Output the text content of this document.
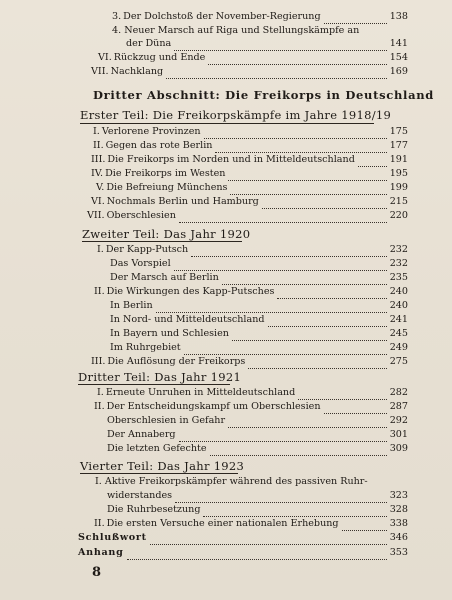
3. Der Dolchstoß der November-Regierung	138
4. Neuer Marsch auf Riga und Stellungskämpfe an
der Düna	141
VI. Rückzug und Ende	154
VII. Nachklang	169
Dritter Abschnitt: Die Freikorps in Deutschland
Erster Teil: Die Freikorpskämpfe im Jahre 1918/19
I. Verlorene Provinzen	175
II. Gegen das rote Berlin	177
III. Die Freikorps im Norden und in Mitteldeutschland	191
IV. Die Freikorps im Westen	195
V. Die Befreiung Münchens	199
VI. Nochmals Berlin und Hamburg	215
VII. Oberschlesien	220
Zweiter Teil: Das Jahr 1920
I. Der Kapp-Putsch	232
Das Vorspiel	232
Der Marsch auf Berlin	235
II. Die Wirkungen des Kapp-Putsches	240
In Berlin	240
In Nord- und Mitteldeutschland	241
In Bayern und Schlesien	245
Im Ruhrgebiet	249
III. Die Auflösung der Freikorps	275
Dritter Teil: Das Jahr 1921
I. Erneute Unruhen in Mitteldeutschland	282
II. Der Entscheidungskampf um Oberschlesien	287
Oberschlesien in Gefahr	292
Der Annaberg	301
Die letzten Gefechte	309
Vierter Teil: Das Jahr 1923
I. Aktive Freikorpskämpfer während des passiven Ruhr-
widerstandes	323
Die Ruhrbesetzung	328
II. Die ersten Versuche einer nationalen Erhebung	338
Schlußwort	346
Anhang	353
8
